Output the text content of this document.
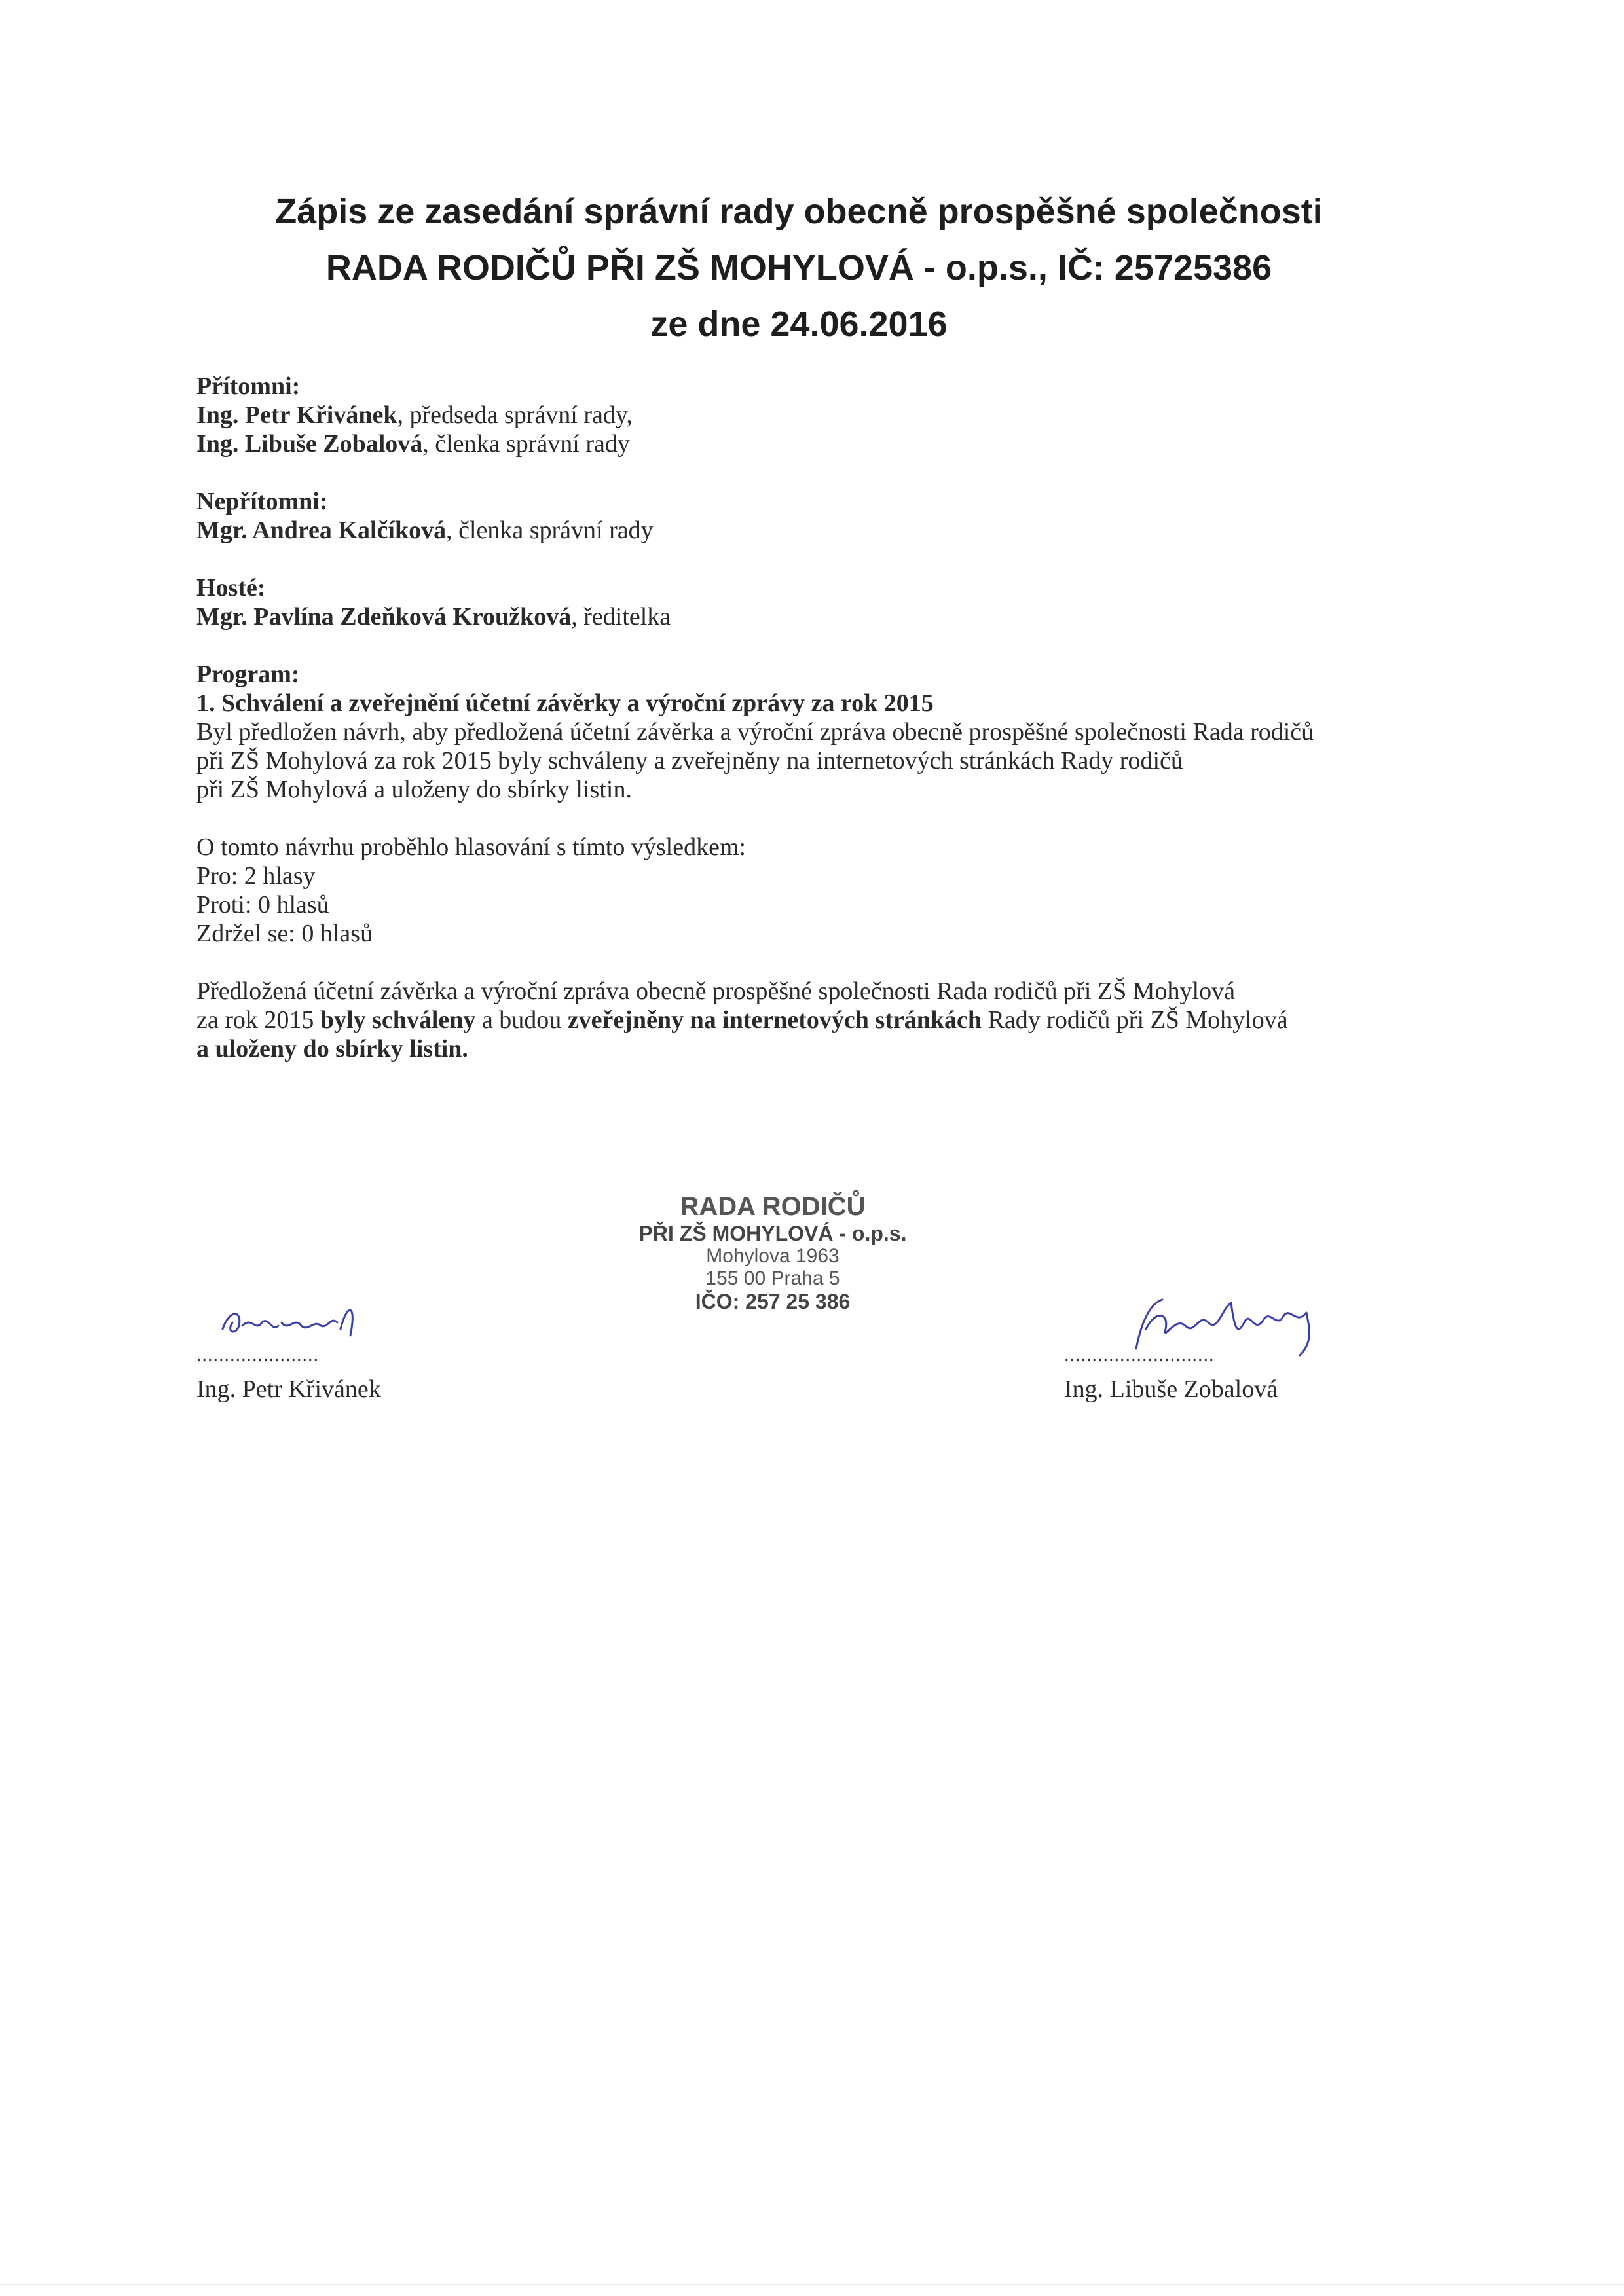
Zápis ze zasedání správní rady obecně prospěšné společnosti
RADA RODIČŮ PŘI ZŠ MOHYLOVÁ - o.p.s., IČ: 25725386
ze dne 24.06.2016
Přítomni:
Ing. Petr Křivánek, předseda správní rady,
Ing. Libuše Zobalová, členka správní rady
Nepřítomni:
Mgr. Andrea Kalčíková, členka správní rady
Hosté:
Mgr. Pavlína Zdeňková Kroužková, ředitelka
Program:
1. Schválení a zveřejnění účetní závěrky a výroční zprávy za rok 2015
Byl předložen návrh, aby předložená účetní závěrka a výroční zpráva obecně prospěšné společnosti Rada rodičů
při ZŠ Mohylová za rok 2015 byly schváleny a zveřejněny na internetových stránkách Rady rodičů
při ZŠ Mohylová a uloženy do sbírky listin.
O tomto návrhu proběhlo hlasování s tímto výsledkem:
Pro: 2 hlasy
Proti: 0 hlasů
Zdržel se: 0 hlasů
Předložená účetní závěrka a výroční zpráva obecně prospěšné společnosti Rada rodičů při ZŠ Mohylová
za rok 2015 byly schváleny a budou zveřejněny na internetových stránkách Rady rodičů při ZŠ Mohylová
a uloženy do sbírky listin.
RADA RODIČŮ
PŘI ZŠ MOHYLOVÁ - o.p.s.
Mohylova 1963
155 00 Praha 5
IČO: 257 25 386
......................
Ing. Petr Křivánek
...........................
Ing. Libuše Zobalová
